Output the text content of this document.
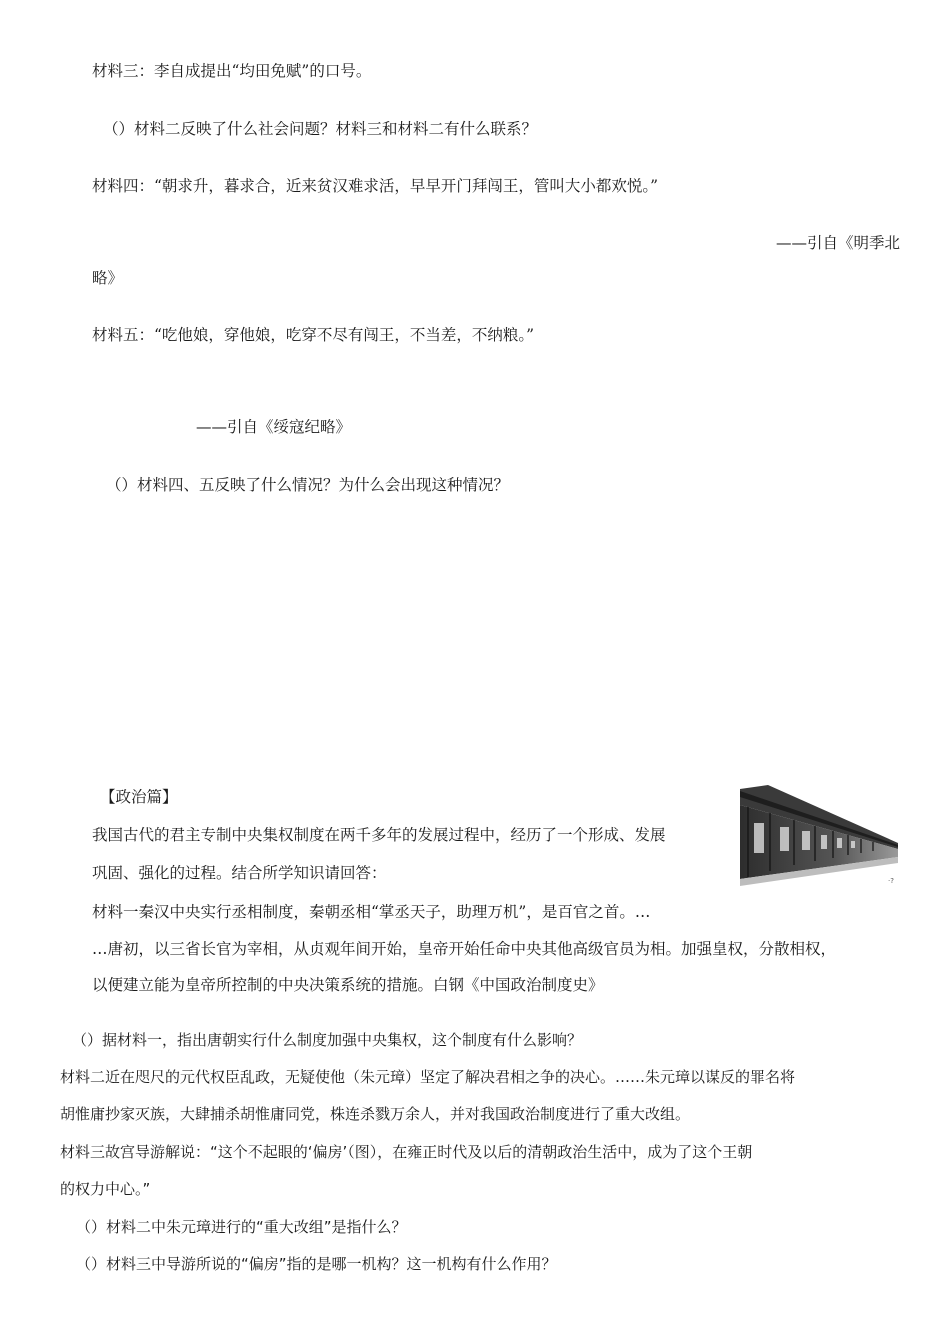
材料三：李自成提出“均田免赋”的口号。
（）材料二反映了什么社会问题？材料三和材料二有什么联系？
材料四：“朝求升，暮求合，近来贫汉难求活，早早开门拜闯王，管叫大小都欢悦。”
——引自《明季北
略》
材料五：“吃他娘，穿他娘，吃穿不尽有闯王，不当差，不纳粮。”
——引自《绥寇纪略》
（）材料四、五反映了什么情况？为什么会出现这种情况？
【政治篇】
我国古代的君主专制中央集权制度在两千多年的发展过程中，经历了一个形成、发展
巩固、强化的过程。结合所学知识请回答：
材料一秦汉中央实行丞相制度，秦朝丞相“掌丞天子，助理万机”，是百官之首。…
…唐初，以三省长官为宰相，从贞观年间开始，皇帝开始任命中央其他高级官员为相。加强皇权，分散相权，
以便建立能为皇帝所控制的中央决策系统的措施。白钢《中国政治制度史》
·?
（）据材料一，指出唐朝实行什么制度加强中央集权，这个制度有什么影响？
材料二近在咫尺的元代权臣乱政，无疑使他（朱元璋）坚定了解决君相之争的决心。……朱元璋以谋反的罪名将
胡惟庸抄家灭族，大肆捕杀胡惟庸同党，株连杀戮万余人，并对我国政治制度进行了重大改组。
材料三故宫导游解说：“这个不起眼的‘偏房’（图），在雍正时代及以后的清朝政治生活中，成为了这个王朝
的权力中心。”
（）材料二中朱元璋进行的“重大改组”是指什么？
（）材料三中导游所说的“偏房”指的是哪一机构？这一机构有什么作用？
